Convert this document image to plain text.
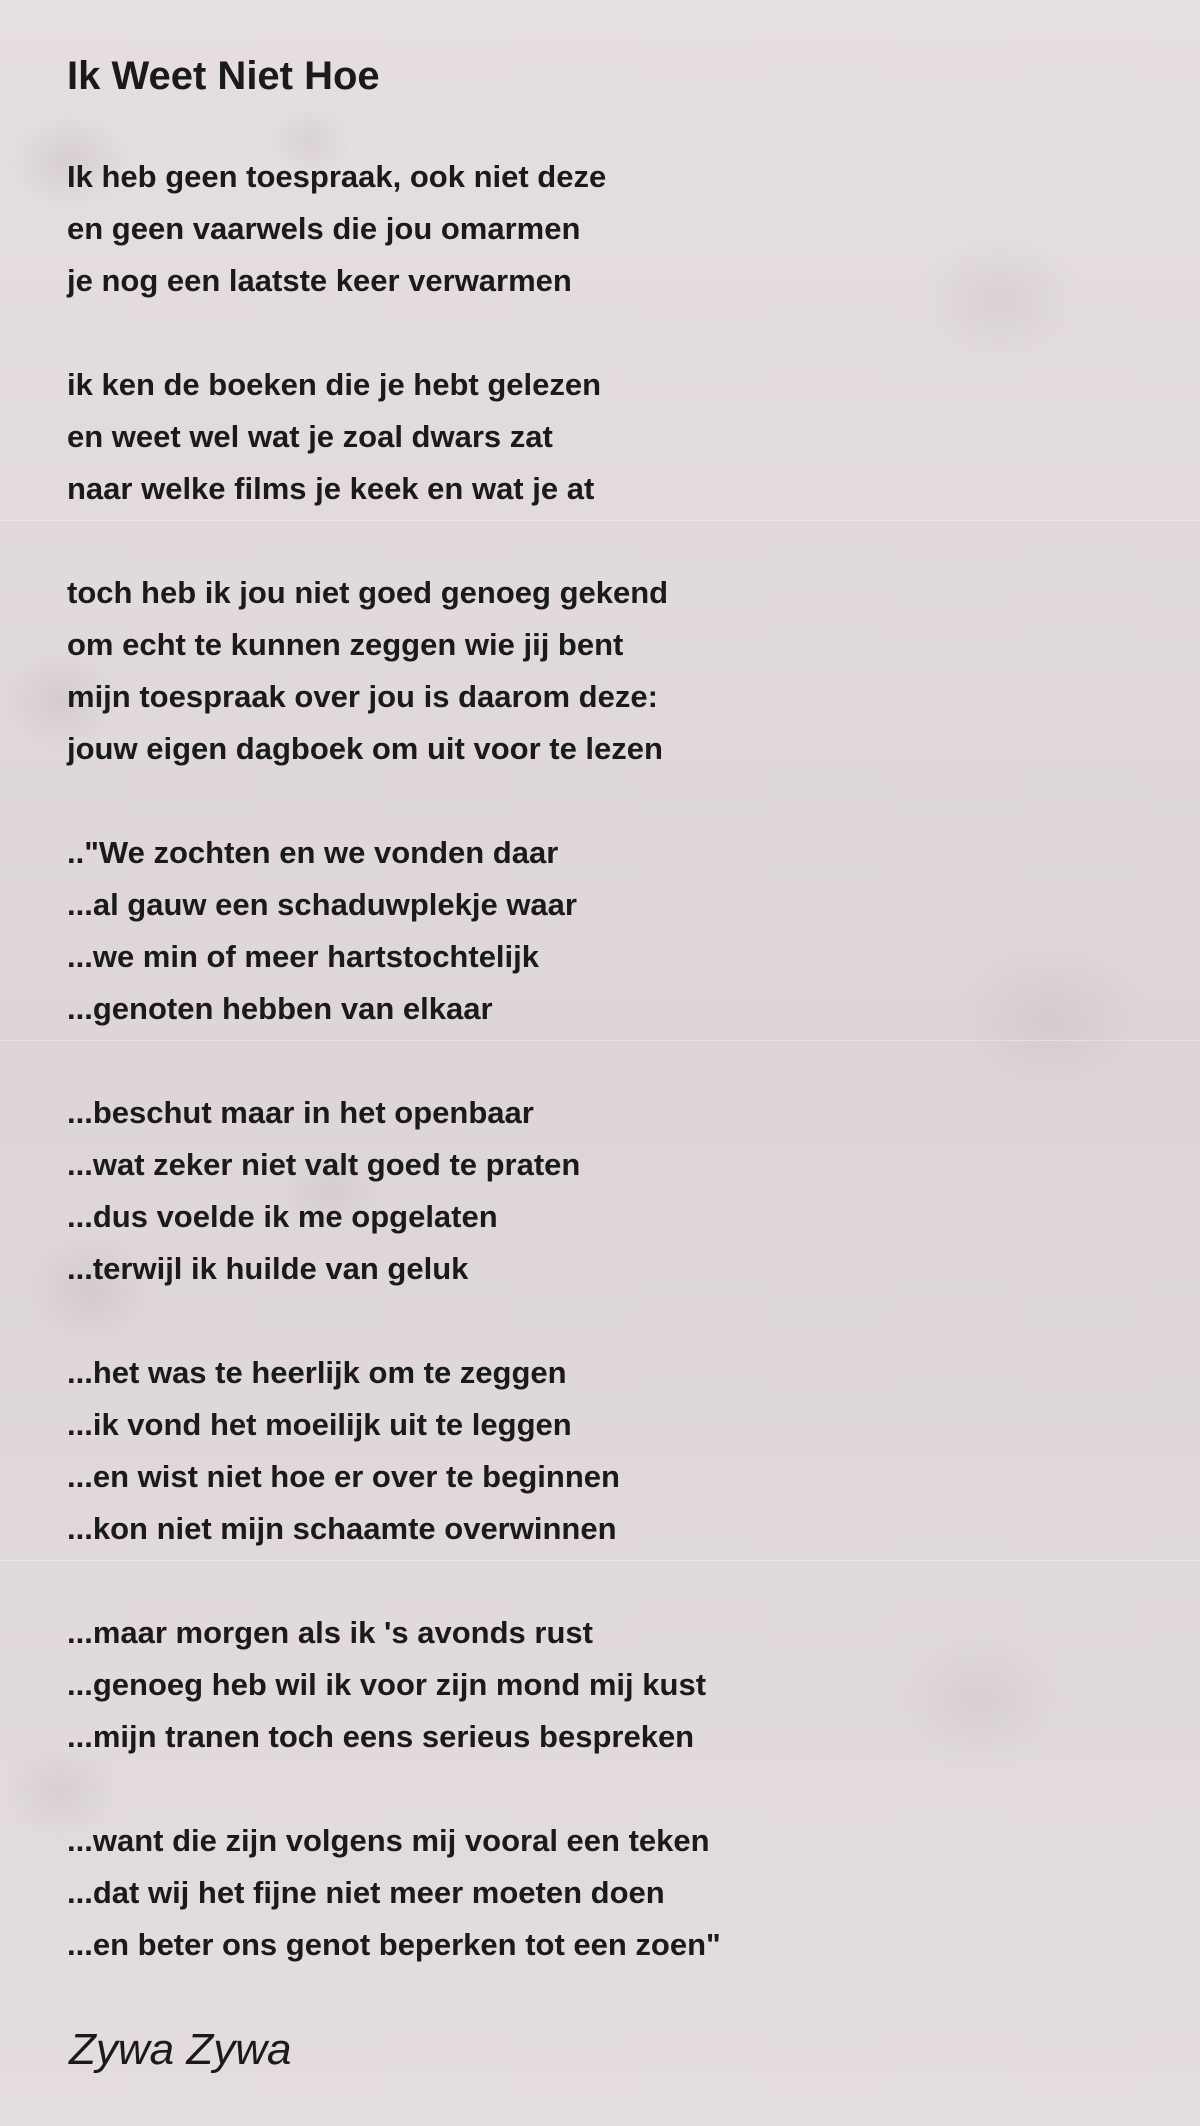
Ik Weet Niet Hoe

Ik heb geen toespraak, ook niet deze
en geen vaarwels die jou omarmen
je nog een laatste keer verwarmen

ik ken de boeken die je hebt gelezen
en weet wel wat je zoal dwars zat
naar welke films je keek en wat je at

toch heb ik jou niet goed genoeg gekend
om echt te kunnen zeggen wie jij bent
mijn toespraak over jou is daarom deze:
jouw eigen dagboek om uit voor te lezen

.."We zochten en we vonden daar
...al gauw een schaduwplekje waar
...we min of meer hartstochtelijk
...genoten hebben van elkaar

...beschut maar in het openbaar
...wat zeker niet valt goed te praten
...dus voelde ik me opgelaten
...terwijl ik huilde van geluk

...het was te heerlijk om te zeggen
...ik vond het moeilijk uit te leggen
...en wist niet hoe er over te beginnen
...kon niet mijn schaamte overwinnen

...maar morgen als ik 's avonds rust
...genoeg heb wil ik voor zijn mond mij kust
...mijn tranen toch eens serieus bespreken

...want die zijn volgens mij vooral een teken
...dat wij het fijne niet meer moeten doen
...en beter ons genot beperken tot een zoen"

Zywa Zywa
